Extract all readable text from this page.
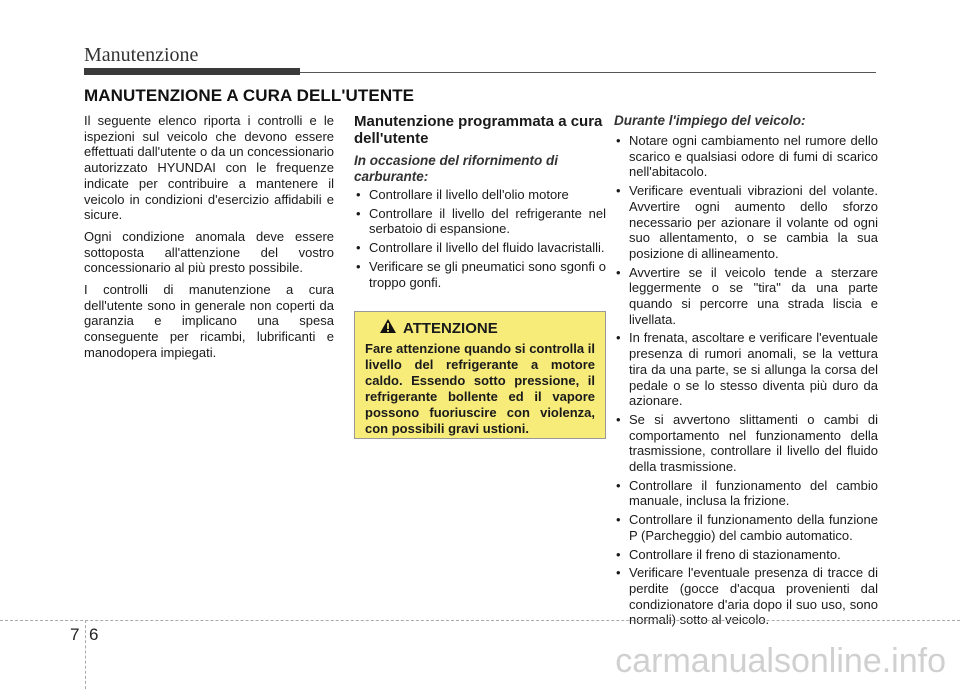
Manutenzione
MANUTENZIONE A CURA DELL'UTENTE

Il seguente elenco riporta i controlli e le ispezioni sul veicolo che devono essere effettuati dall'utente o da un concessionario autorizzato HYUNDAI con le frequenze indicate per contribuire a mantenere il veicolo in condizioni d'esercizio affidabili e sicure.

Ogni condizione anomala deve essere sottoposta all'attenzione del vostro concessionario al più presto possibile.

I controlli di manutenzione a cura dell'utente sono in generale non coperti da garanzia e implicano una spesa conseguente per ricambi, lubrificanti e manodopera impiegati.

Manutenzione programmata a cura dell'utente
In occasione del rifornimento di carburante:
• Controllare il livello dell'olio motore
• Controllare il livello del refrigerante nel serbatoio di espansione.
• Controllare il livello del fluido lavacristalli.
• Verificare se gli pneumatici sono sgonfi o troppo gonfi.
ATTENZIONE
Fare attenzione quando si controlla il livello del refrigerante a motore caldo. Essendo sotto pressione, il refrigerante bollente ed il vapore possono fuoriuscire con violenza, con possibili gravi ustioni.
Durante l'impiego del veicolo:
• Notare ogni cambiamento nel rumore dello scarico e qualsiasi odore di fumi di scarico nell'abitacolo.
• Verificare eventuali vibrazioni del volante. Avvertire ogni aumento dello sforzo necessario per azionare il volante od ogni suo allentamento, o se cambia la sua posizione di allineamento.
• Avvertire se il veicolo tende a sterzare leggermente o se "tira" da una parte quando si percorre una strada liscia e livellata.
• In frenata, ascoltare e verificare l'eventuale presenza di rumori anomali, se la vettura tira da una parte, se si allunga la corsa del pedale o se lo stesso diventa più duro da azionare.
• Se si avvertono slittamenti o cambi di comportamento nel funzionamento della trasmissione, controllare il livello del fluido della trasmissione.
• Controllare il funzionamento del cambio manuale, inclusa la frizione.
• Controllare il funzionamento della funzione P (Parcheggio) del cambio automatico.
• Controllare il freno di stazionamento.
• Verificare l'eventuale presenza di tracce di perdite (gocce d'acqua provenienti dal condizionatore d'aria dopo il suo uso, sono normali) sotto al veicolo.
7 6
carmanualsonline.info
